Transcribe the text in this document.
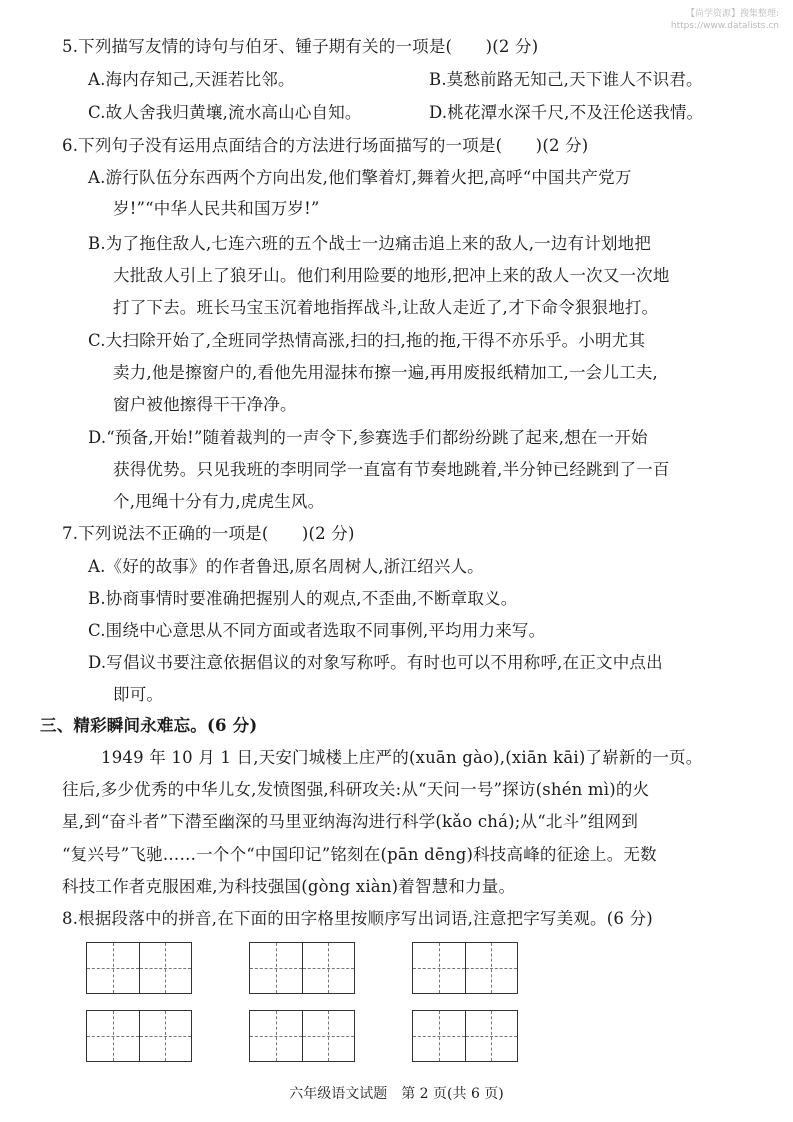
【尚学资源】搜集整理:
https://www.datalists.cn
5.下列描写友情的诗句与伯牙、锺子期有关的一项是(　　)(2 分)
A.海内存知己,天涯若比邻。	B.莫愁前路无知己,天下谁人不识君。
C.故人舍我归黄壤,流水高山心自知。	D.桃花潭水深千尺,不及汪伦送我情。
6.下列句子没有运用点面结合的方法进行场面描写的一项是(　　)(2 分)
A.游行队伍分东西两个方向出发,他们擎着灯,舞着火把,高呼“中国共产党万
岁!”“中华人民共和国万岁!”
B.为了拖住敌人,七连六班的五个战士一边痛击追上来的敌人,一边有计划地把
大批敌人引上了狼牙山。他们利用险要的地形,把冲上来的敌人一次又一次地
打了下去。班长马宝玉沉着地指挥战斗,让敌人走近了,才下命令狠狠地打。
C.大扫除开始了,全班同学热情高涨,扫的扫,拖的拖,干得不亦乐乎。小明尤其
卖力,他是擦窗户的,看他先用湿抹布擦一遍,再用废报纸精加工,一会儿工夫,
窗户被他擦得干干净净。
D.“预备,开始!”随着裁判的一声令下,参赛选手们都纷纷跳了起来,想在一开始
获得优势。只见我班的李明同学一直富有节奏地跳着,半分钟已经跳到了一百
个,甩绳十分有力,虎虎生风。
7.下列说法不正确的一项是(　　)(2 分)
A.《好的故事》的作者鲁迅,原名周树人,浙江绍兴人。
B.协商事情时要准确把握别人的观点,不歪曲,不断章取义。
C.围绕中心意思从不同方面或者选取不同事例,平均用力来写。
D.写倡议书要注意依据倡议的对象写称呼。有时也可以不用称呼,在正文中点出
即可。
三、精彩瞬间永难忘。(6 分)
1949 年 10 月 1 日,天安门城楼上庄严的(xuān gào),(xiān kāi)了崭新的一页。
往后,多少优秀的中华儿女,发愤图强,科研攻关:从“天问一号”探访(shén mì)的火
星,到“奋斗者”下潜至幽深的马里亚纳海沟进行科学(kǎo chá);从“北斗”组网到
“复兴号”飞驰……一个个“中国印记”铭刻在(pān dēng)科技高峰的征途上。无数
科技工作者克服困难,为科技强国(gòng xiàn)着智慧和力量。
8.根据段落中的拼音,在下面的田字格里按顺序写出词语,注意把字写美观。(6 分)
六年级语文试题　第 2 页(共 6 页)
